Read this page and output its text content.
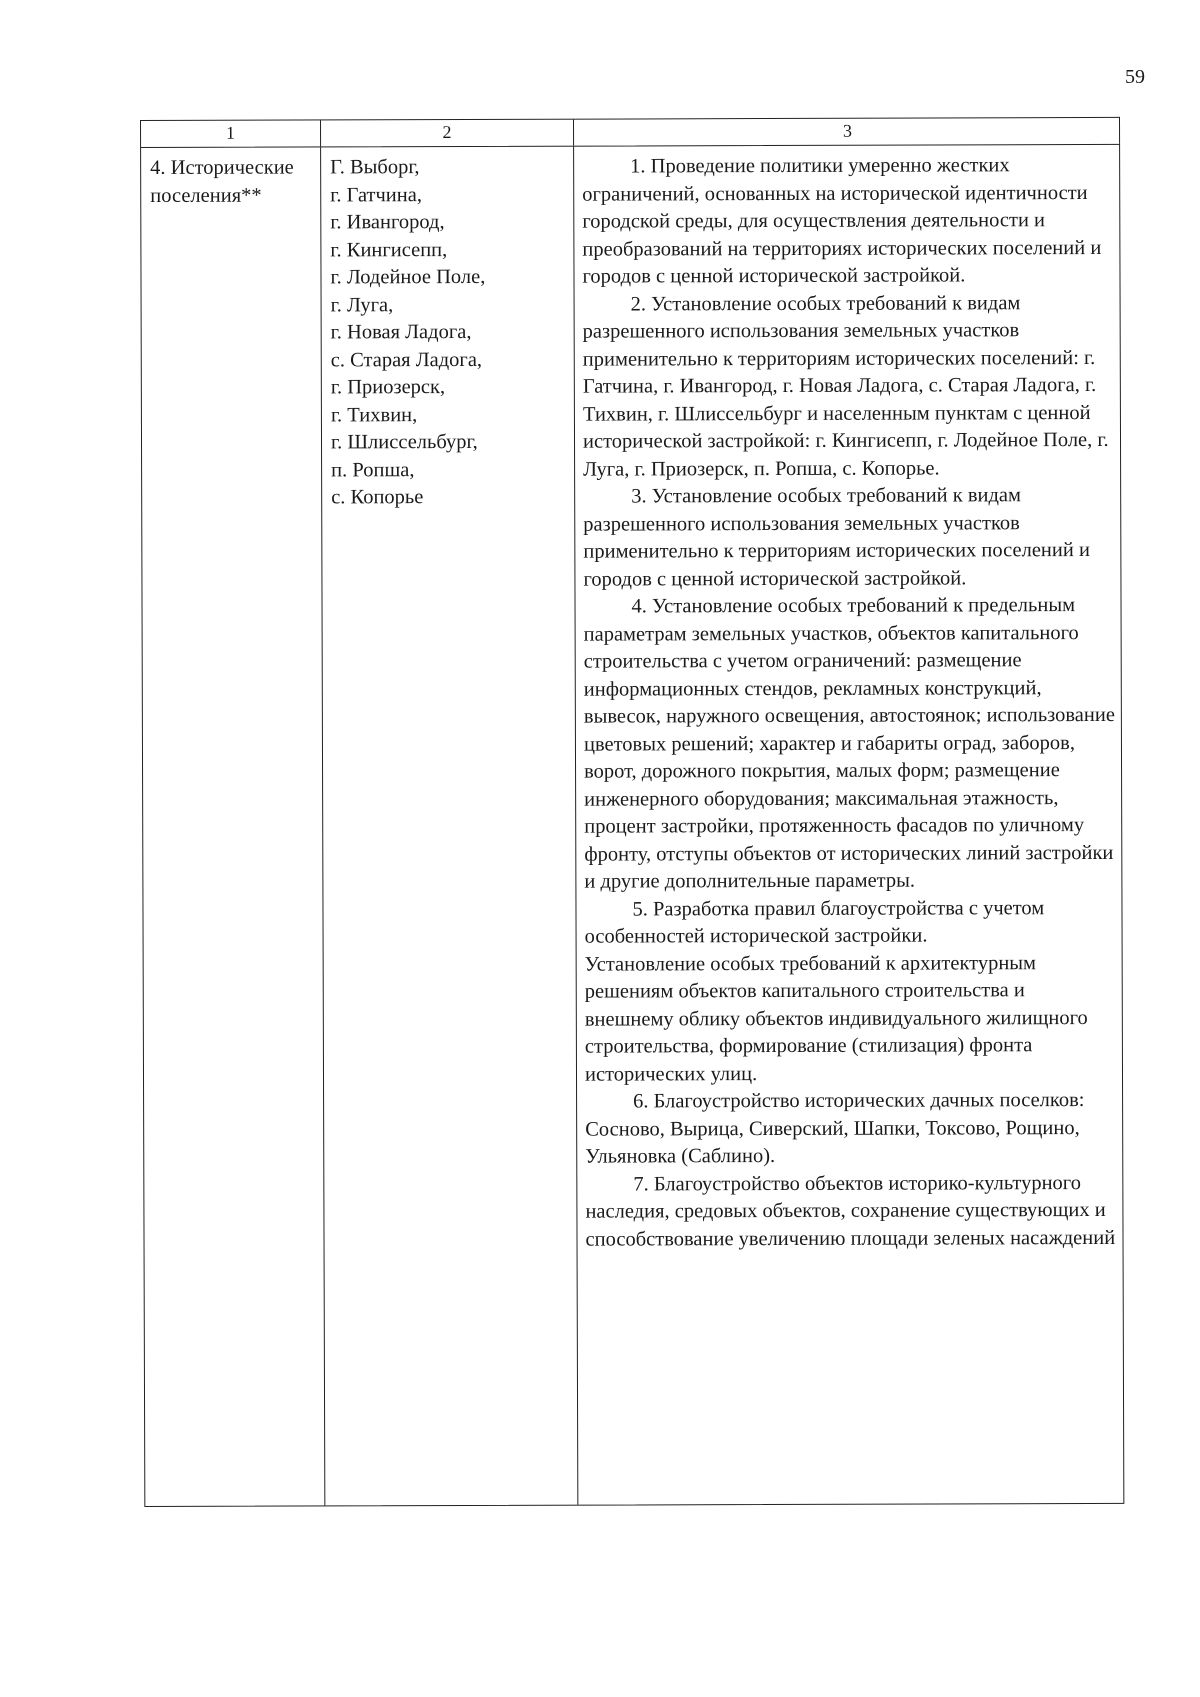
59
1	2	3
4. Исторические поселения**
Г. Выборг,
г. Гатчина,
г. Ивангород,
г. Кингисепп,
г. Лодейное Поле,
г. Луга,
г. Новая Ладога,
с. Старая Ладога,
г. Приозерск,
г. Тихвин,
г. Шлиссельбург,
п. Ропша,
с. Копорье

1. Проведение политики умеренно жестких ограничений, основанных на исторической идентичности городской среды, для осуществления деятельности и преобразований на территориях исторических поселений и городов с ценной исторической застройкой.

2. Установление особых требований к видам разрешенного использования земельных участков применительно к территориям исторических поселений: г. Гатчина, г. Ивангород, г. Новая Ладога, с. Старая Ладога, г. Тихвин, г. Шлиссельбург и населенным пунктам с ценной исторической застройкой: г. Кингисепп, г. Лодейное Поле, г. Луга, г. Приозерск, п. Ропша, с. Копорье.

3. Установление особых требований к видам разрешенного использования земельных участков применительно к территориям исторических поселений и городов с ценной исторической застройкой.

4. Установление особых требований к предельным параметрам земельных участков, объектов капитального строительства с учетом ограничений: размещение информационных стендов, рекламных конструкций, вывесок, наружного освещения, автостоянок; использование цветовых решений; характер и габариты оград, заборов, ворот, дорожного покрытия, малых форм; размещение инженерного оборудования; максимальная этажность, процент застройки, протяженность фасадов по уличному фронту, отступы объектов от исторических линий застройки и другие дополнительные параметры.

5. Разработка правил благоустройства с учетом особенностей исторической застройки.

Установление особых требований к архитектурным решениям объектов капитального строительства и внешнему облику объектов индивидуального жилищного строительства, формирование (стилизация) фронта исторических улиц.

6. Благоустройство исторических дачных поселков: Сосново, Вырица, Сиверский, Шапки, Токсово, Рощино, Ульяновка (Саблино).

7. Благоустройство объектов историко-культурного наследия, средовых объектов, сохранение существующих и способствование увеличению площади зеленых насаждений
